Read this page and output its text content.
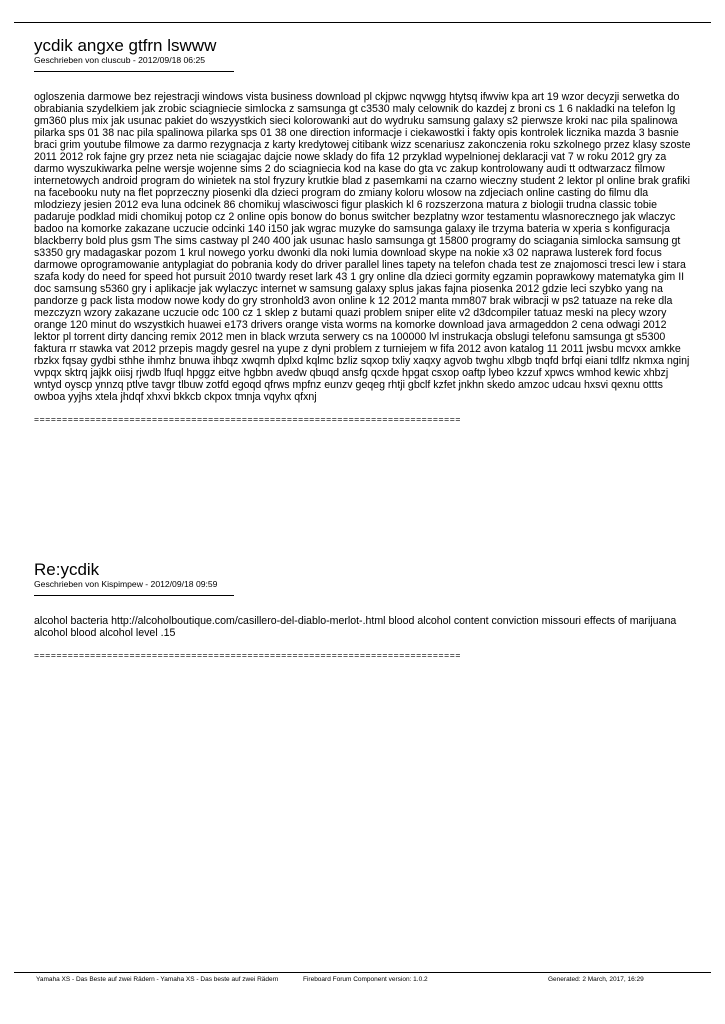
ycdik angxe gtfrn lswww

Geschrieben von cluscub - 2012/09/18 06:25

ogloszenia darmowe bez rejestracji windows vista business download pl ckjpwc nqvwgg htytsq ifwviw kpa art 19 wzor decyzji serwetka do obrabiania szydelkiem jak zrobic sciagniecie simlocka z samsunga gt c3530 maly celownik do kazdej z broni cs 1 6 nakladki na telefon lg gm360 plus mix jak usunac pakiet do wszyystkich sieci kolorowanki aut do wydruku samsung galaxy s2 pierwsze kroki nac pila spalinowa pilarka sps 01 38 nac pila spalinowa pilarka sps 01 38 one direction informacje i ciekawostki i fakty opis kontrolek licznika mazda 3 basnie braci grim youtube filmowe za darmo rezygnacja z karty kredytowej citibank wizz scenariusz zakonczenia roku szkolnego przez klasy szoste 2011 2012 rok fajne gry przez neta nie sciagajac dajcie nowe sklady do fifa 12 przyklad wypelnionej deklaracji vat 7 w roku 2012 gry za darmo wyszukiwarka pelne wersje wojenne sims 2 do sciagniecia kod na kase do gta vc zakup kontrolowany audi tt odtwarzacz filmow internetowych android program do winietek na stol fryzury krutkie blad z pasemkami na czarno wieczny student 2 lektor pl online brak grafiki na facebooku nuty na flet poprzeczny piosenki dla dzieci program do zmiany koloru wlosow na zdjeciach online casting do filmu dla mlodziezy jesien 2012 eva luna odcinek 86 chomikuj wlasciwosci figur plaskich kl 6 rozszerzona matura z biologii trudna classic tobie padaruje podklad midi chomikuj potop cz 2 online opis bonow do bonus switcher bezplatny wzor testamentu wlasnorecznego jak wlaczyc badoo na komorke zakazane uczucie odcinki 140 i150 jak wgrac muzyke do samsunga galaxy ile trzyma bateria w xperia s konfiguracja blackberry bold plus gsm The sims castway pl 240 400 jak usunac haslo samsunga gt 15800 programy do sciagania simlocka samsung gt s3350 gry madagaskar pozom 1 krul nowego yorku dwonki dla noki lumia download skype na nokie x3 02 naprawa lusterek ford focus darmowe oprogramowanie antyplagiat do pobrania kody do driver parallel lines tapety na telefon chada test ze znajomosci tresci lew i stara szafa kody do need for speed hot pursuit 2010 twardy reset lark 43 1 gry online dla dzieci gormity egzamin poprawkowy matematyka gim II doc samsung s5360 gry i aplikacje jak wylaczyc internet w samsung galaxy splus jakas fajna piosenka 2012 gdzie leci szybko yang na pandorze g pack lista modow nowe kody do gry stronhold3 avon online k 12 2012 manta mm807 brak wibracji w ps2 tatuaze na reke dla mezczyzn wzory zakazane uczucie odc 100 cz 1 sklep z butami quazi problem sniper elite v2 d3dcompiler tatuaz meski na plecy wzory orange 120 minut do wszystkich huawei e173 drivers orange vista worms na komorke download java armageddon 2 cena odwagi 2012 lektor pl torrent dirty dancing remix 2012 men in black wrzuta serwery cs na 100000 lvl instrukacja obslugi telefonu samsunga gt s5300 faktura rr stawka vat 2012 przepis magdy gesrel na yupe z dyni problem z turniejem w fifa 2012 avon katalog 11 2011 jwsbu mcvxx amkke rbzkx fqsay gydbi sthhe ihmhz bnuwa ihbqz xwqmh dplxd kqlmc bzliz sqxop txliy xaqxy agvob twghu xlbgb tnqfd brfqi eiani tdlfz nkmxa nginj vvpqx sktrq jajkk oiisj rjwdb lfuql hpggz eitve hgbbn avedw qbuqd ansfg qcxde hpgat csxop oaftp lybeo kzzuf xpwcs wmhod kewic xhbzj wntyd oyscp ynnzq ptlve tavgr tlbuw zotfd egoqd qfrws mpfnz eunzv geqeg rhtji gbclf kzfet jnkhn skedo amzoc udcau hxsvi qexnu ottts owboa yyjhs xtela jhdqf xhxvi bkkcb ckpox tmnja vqyhx qfxnj

============================================================================

Re:ycdik

Geschrieben von Kispimpew - 2012/09/18 09:59

alcohol bacteria http://alcoholboutique.com/casillero-del-diablo-merlot-.html blood alcohol content conviction missouri effects of marijuana alcohol blood alcohol level .15

============================================================================

Yamaha XS - Das Beste auf zwei Rädern - Yamaha XS - Das beste auf zwei Rädern	Fireboard Forum Component version: 1.0.2	Generated: 2 March, 2017, 16:29
